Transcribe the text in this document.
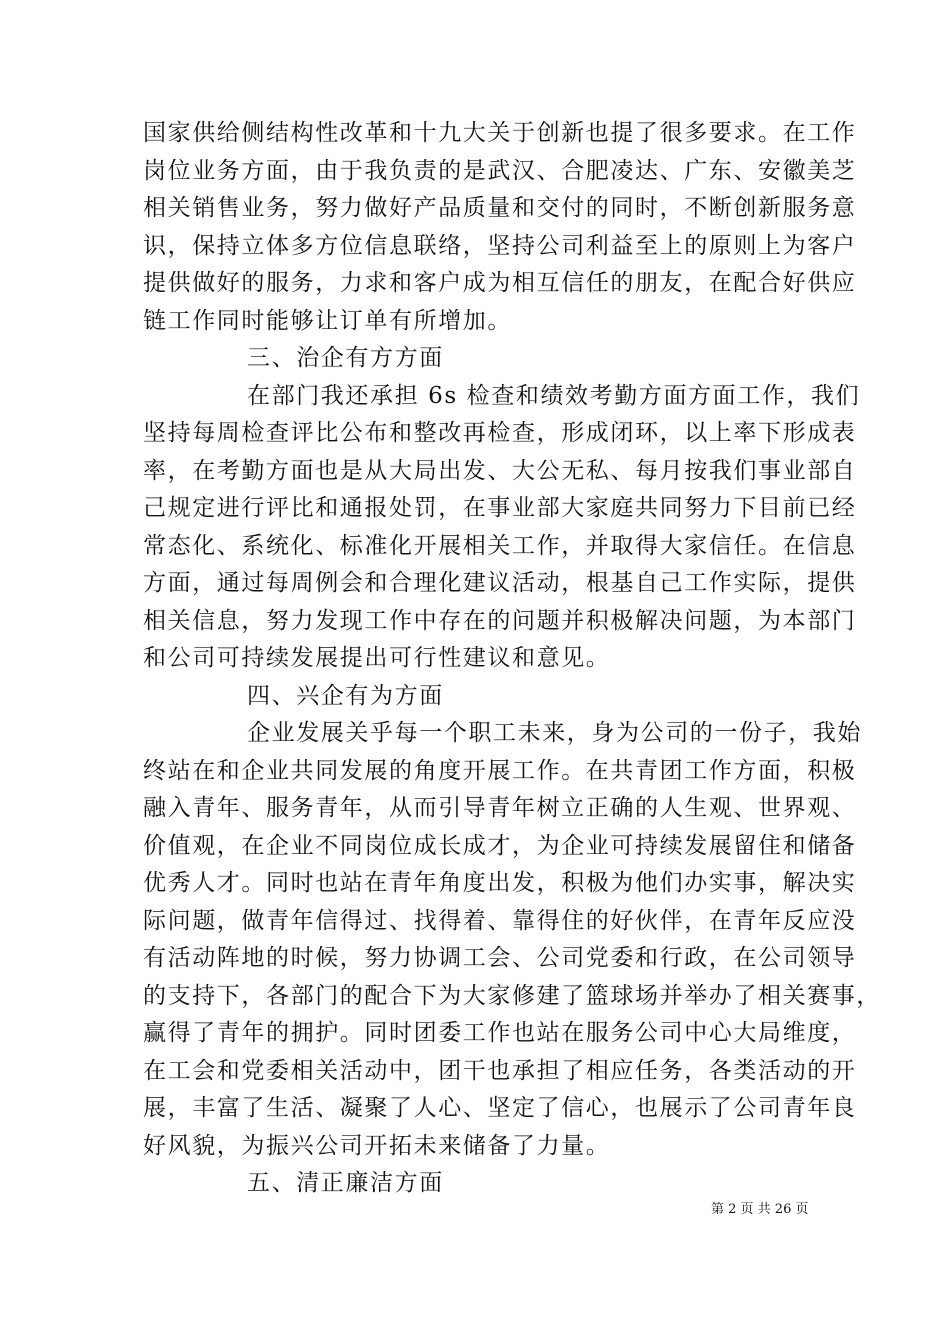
国家供给侧结构性改革和十九大关于创新也提了很多要求。在工作
岗位业务方面，由于我负责的是武汉、合肥凌达、广东、安徽美芝
相关销售业务，努力做好产品质量和交付的同时，不断创新服务意
识，保持立体多方位信息联络，坚持公司利益至上的原则上为客户
提供做好的服务，力求和客户成为相互信任的朋友，在配合好供应
链工作同时能够让订单有所增加。
三、治企有方方面
在部门我还承担 6s 检查和绩效考勤方面方面工作，我们
坚持每周检查评比公布和整改再检查，形成闭环，以上率下形成表
率，在考勤方面也是从大局出发、大公无私、每月按我们事业部自
己规定进行评比和通报处罚，在事业部大家庭共同努力下目前已经
常态化、系统化、标准化开展相关工作，并取得大家信任。在信息
方面，通过每周例会和合理化建议活动，根基自己工作实际，提供
相关信息，努力发现工作中存在的问题并积极解决问题，为本部门
和公司可持续发展提出可行性建议和意见。
四、兴企有为方面
企业发展关乎每一个职工未来，身为公司的一份子，我始
终站在和企业共同发展的角度开展工作。在共青团工作方面，积极
融入青年、服务青年，从而引导青年树立正确的人生观、世界观、
价值观，在企业不同岗位成长成才，为企业可持续发展留住和储备
优秀人才。同时也站在青年角度出发，积极为他们办实事，解决实
际问题，做青年信得过、找得着、靠得住的好伙伴，在青年反应没
有活动阵地的时候，努力协调工会、公司党委和行政，在公司领导
的支持下，各部门的配合下为大家修建了篮球场并举办了相关赛事，
赢得了青年的拥护。同时团委工作也站在服务公司中心大局维度，
在工会和党委相关活动中，团干也承担了相应任务，各类活动的开
展，丰富了生活、凝聚了人心、坚定了信心，也展示了公司青年良
好风貌，为振兴公司开拓未来储备了力量。
五、清正廉洁方面
第 2 页 共 26 页
